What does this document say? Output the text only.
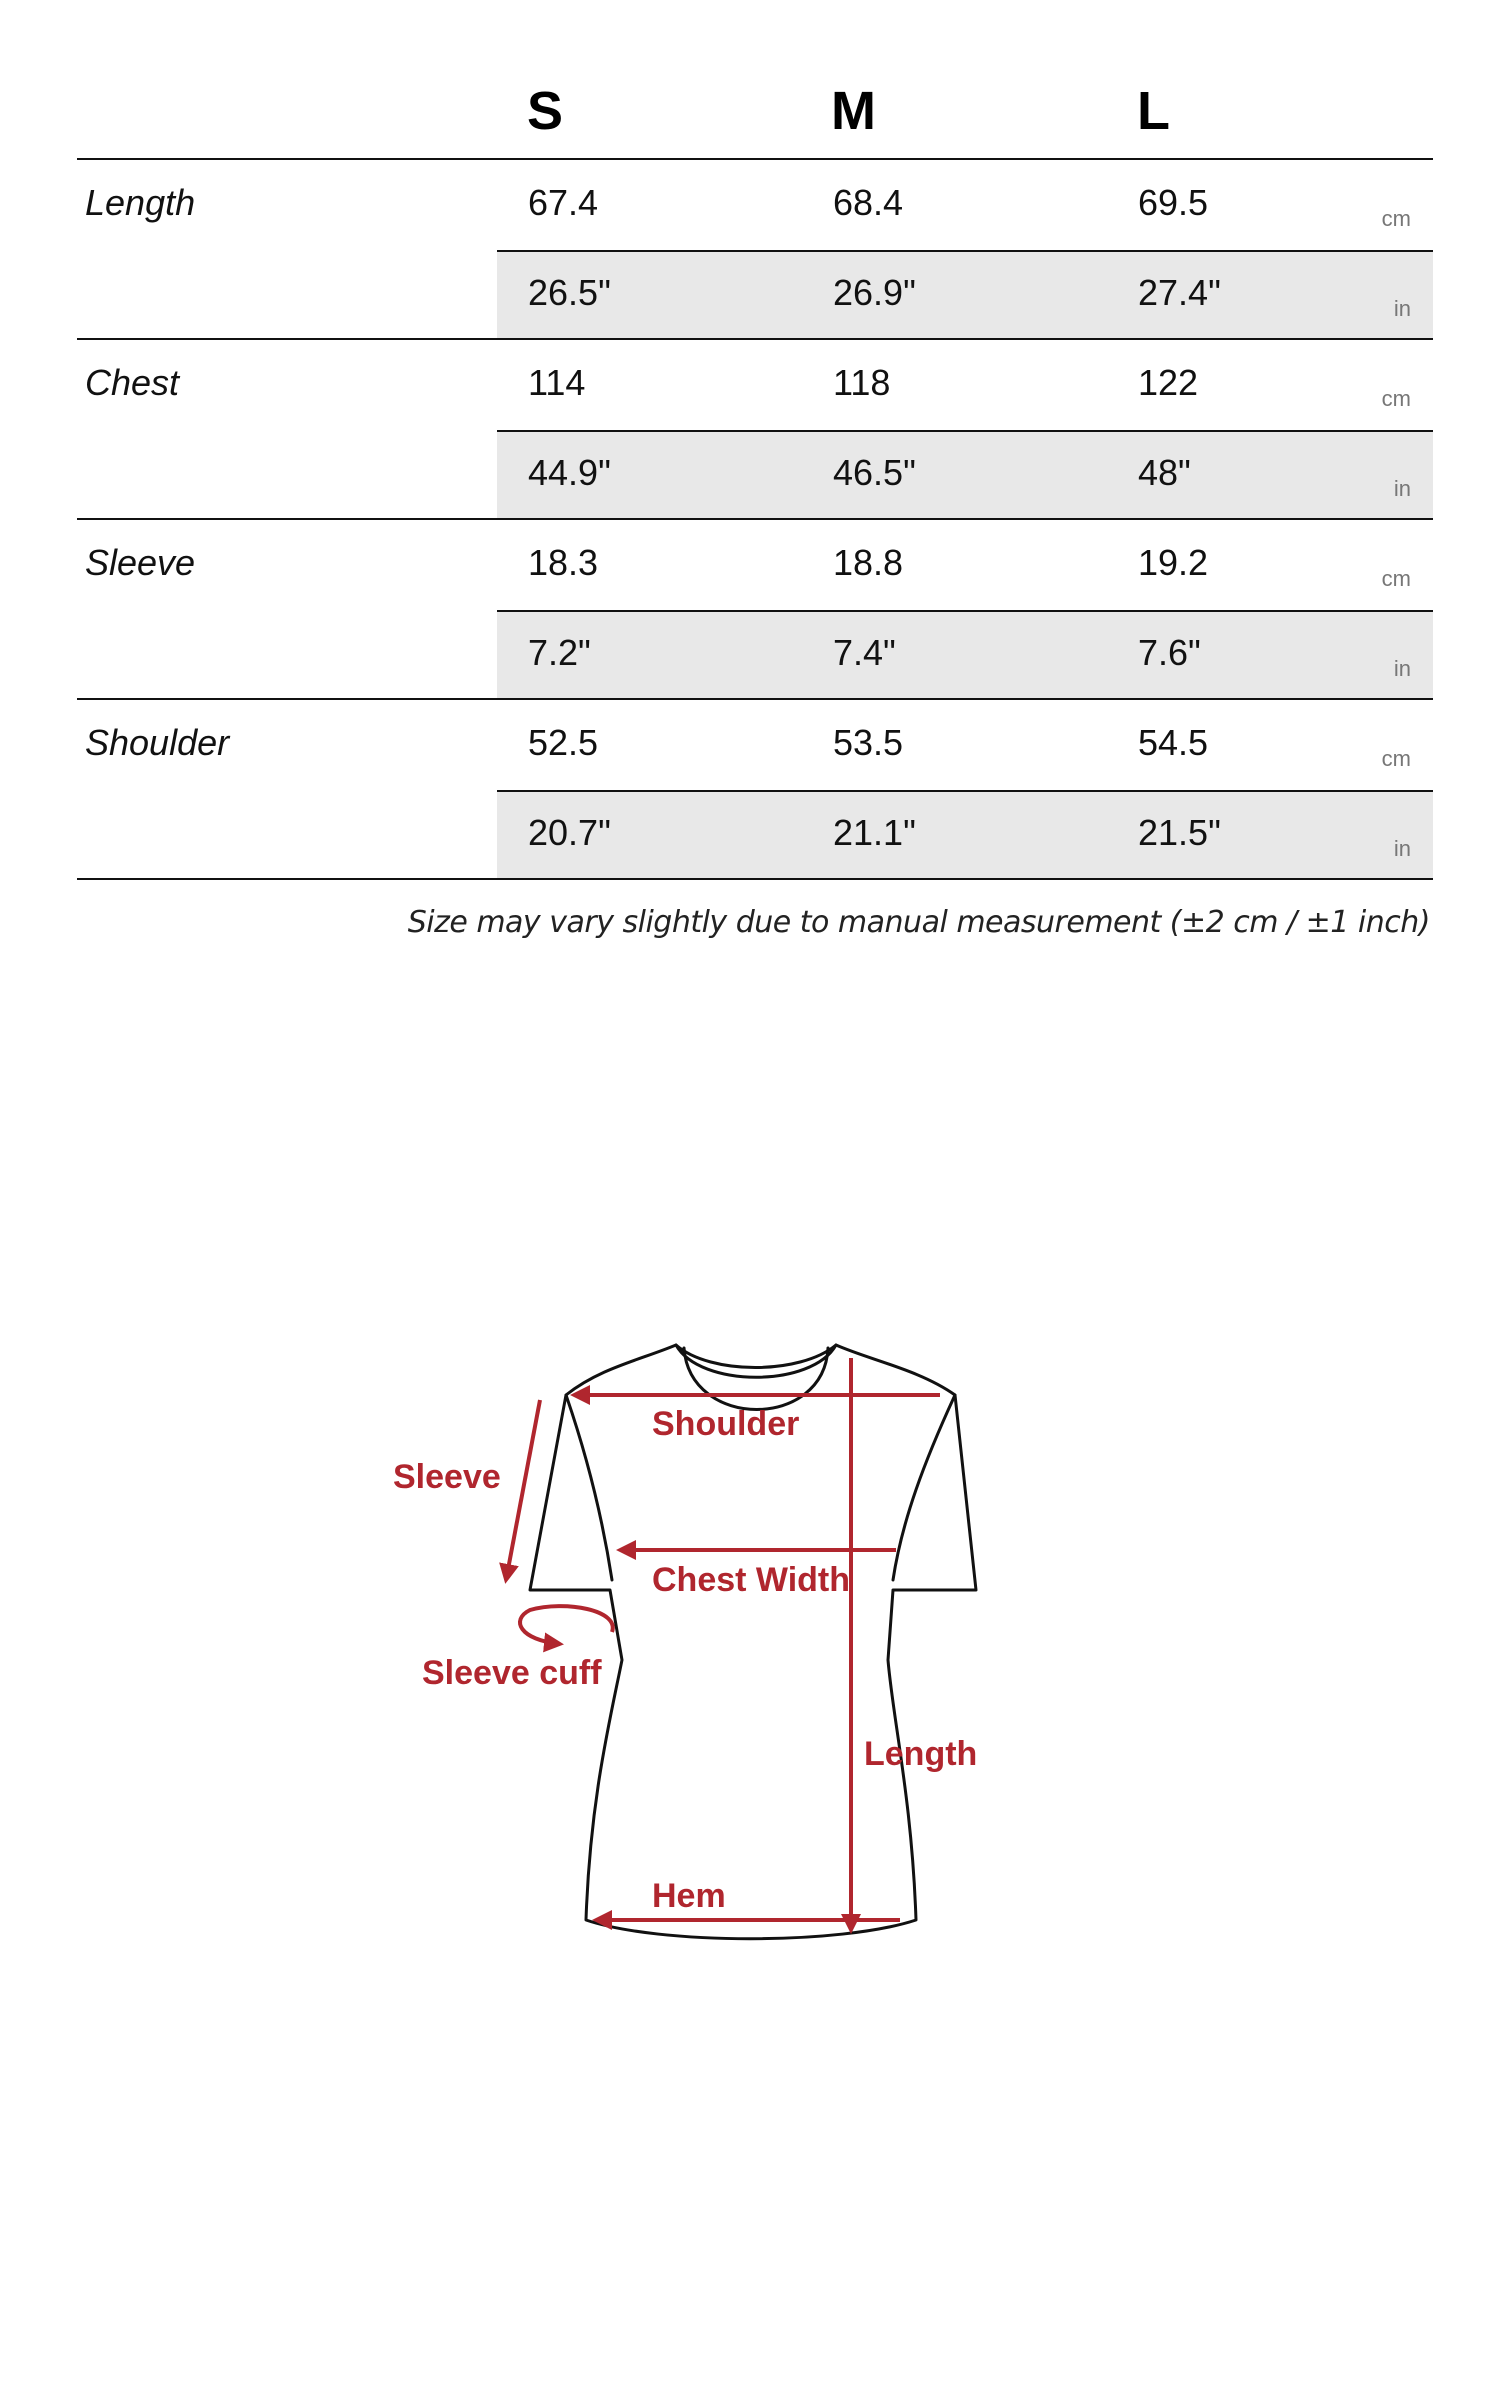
S	M	L
Length	67.4	68.4	69.5	cm
26.5"	26.9"	27.4"	in
Chest	114	118	122	cm
44.9"	46.5"	48"	in
Sleeve	18.3	18.8	19.2	cm
7.2"	7.4"	7.6"	in
Shoulder	52.5	53.5	54.5	cm
20.7"	21.1"	21.5"	in
Size may vary slightly due to manual measurement (±2 cm / ±1 inch)
Shoulder
Sleeve
Chest Width
Sleeve cuff
Length
Hem
